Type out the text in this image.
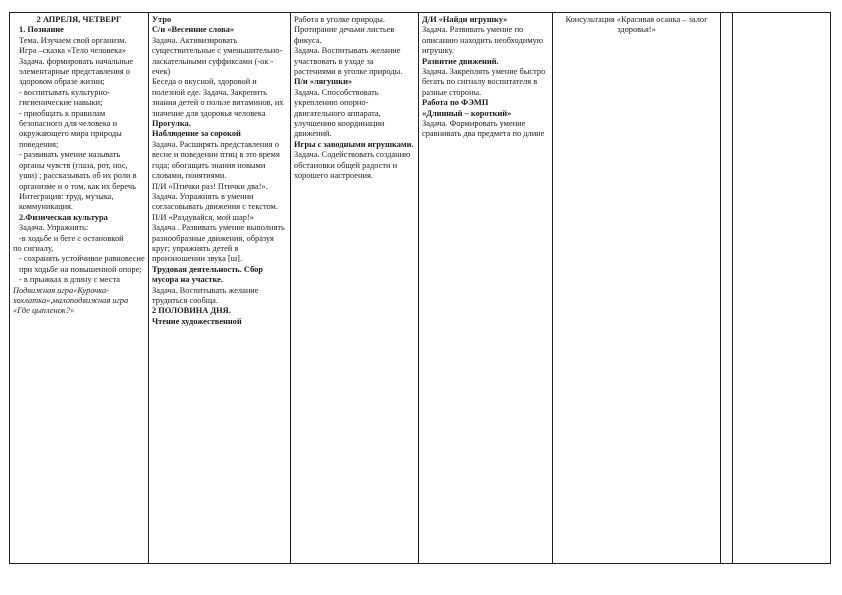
2 АПРЕЛЯ, ЧЕТВЕРГ

1. Познание

Тема. Изучаем свой организм. Игра –сказка «Тело человека»

Задача. формировать начальные элементарные представления о здоровом образе жизни;

- воспитывать культурно-гигиенические навыки;

- приобщать к правилам безопасного для человека и окружающего мира природы поведения;

- развивать умение называть органы чувств (глаза, рот, нос, уши) ; рассказывать об их роли в организме и о том, как их беречь

Интеграция: труд, музыка, коммуникация.

2.Физическая культура

Задача. Упражнять:

-в ходьбе и беге с остановкой

по сигналу,

- сохранять устойчивое равновесие при ходьбе на повышенной опоре;

- в прыжках в длину с места

Подвижная игра«Курочка-хохлатка»,малоподвижная игра «Где цыпленок?»

Утро

С/и «Весенние слова»

Задача. Активизировать существительные с уменьшительно-ласкательными суффиксами (-ок - ечек)

Беседа о вкусной, здоровой и полезной еде. Задача. Закрепить знания детей о пользе витаминов, их значение для здоровья человека

Прогулка.

Наблюдение за сорокой

Задача. Расширять представления о весне и поведении птиц в это время года; обогащать знания новыми словами, понятиями.

П/И «Птички раз! Птички два!».

Задача. Упражнять в умении согласовывать движения с текстом.

П/И «Раздувайся, мой шар!»

Задача . Развивать умение выполнять разнообразные движения, образуя круг; упражнять детей в произношении звука [ш].

Трудовая деятельность. Сбор мусора на участке.

Задача. Воспитывать желание трудиться сообща.

2 ПОЛОВИНА ДНЯ.

Чтение художественной

Работа в уголке природы. Протирание дечьми листьев фикуса.

Задача. Воспитывать желание участвовать в уходе за растениями в уголке природы.

П/и «лягушки»

Задача. Способствовать укреплению опорно-двигательного аппарата, улучшению координации движений.

Игры с заводными игрушками.

Задача. Содействовать созданию обстановки общей радости и хорошего настроения.

Д/И «Найди игрушку»

Задача. Развивать умение по описанию находить необходимую игрушку.

Развитие движений.

Задача. Закреплять умение быстро бегать по сигналу воспитателя в разные стороны.

Работа по ФЭМП

«Длинный – короткий»

Задача. Формировать умение сравнивать два предмета по длине

Консультация «Красивая осанка – залог здоровья!»
